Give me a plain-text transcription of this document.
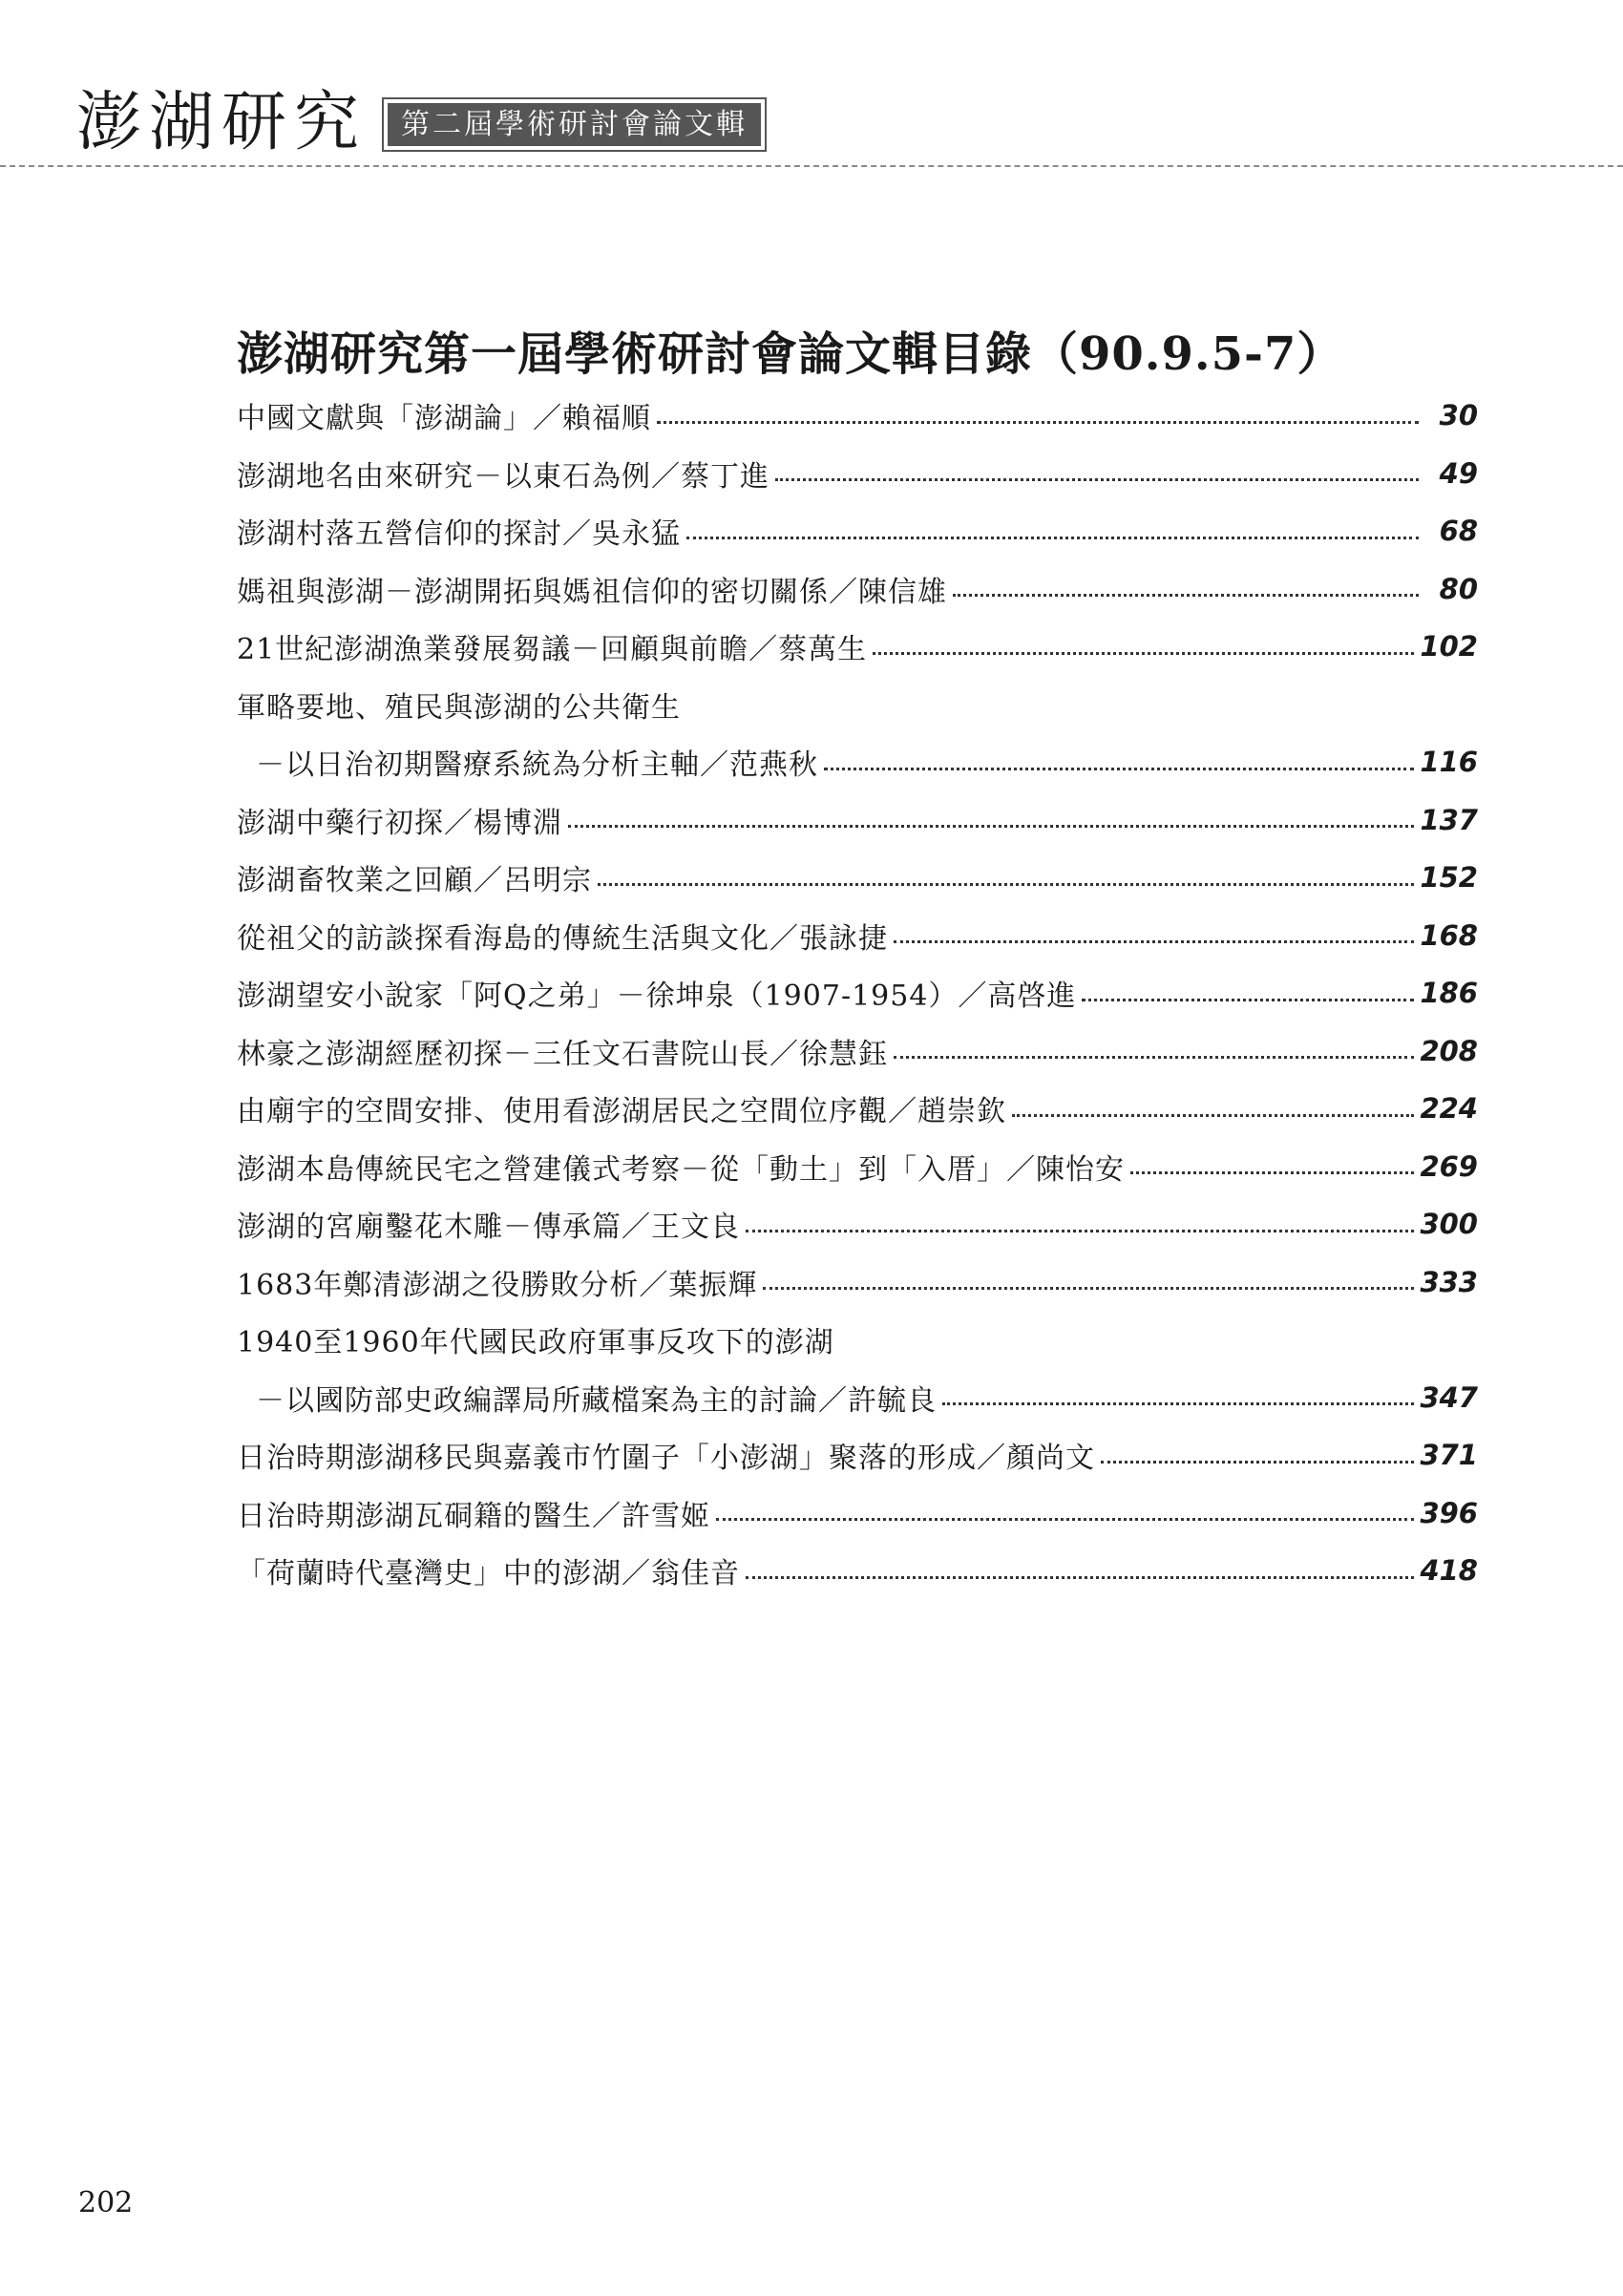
澎湖研究	第二屆學術研討會論文輯
澎湖研究第一屆學術研討會論文輯目錄（90.9.5-7）
中國文獻與「澎湖論」／賴福順	30
澎湖地名由來研究－以東石為例／蔡丁進	49
澎湖村落五營信仰的探討／吳永猛	68
媽祖與澎湖－澎湖開拓與媽祖信仰的密切關係／陳信雄	80
21世紀澎湖漁業發展芻議－回顧與前瞻／蔡萬生	102
軍略要地、殖民與澎湖的公共衛生
－以日治初期醫療系統為分析主軸／范燕秋	116
澎湖中藥行初探／楊博淵	137
澎湖畜牧業之回顧／呂明宗	152
從祖父的訪談探看海島的傳統生活與文化／張詠捷	168
澎湖望安小說家「阿Q之弟」－徐坤泉（1907-1954）／高啓進	186
林豪之澎湖經歷初探－三任文石書院山長／徐慧鈺	208
由廟宇的空間安排、使用看澎湖居民之空間位序觀／趙崇欽	224
澎湖本島傳統民宅之營建儀式考察－從「動土」到「入厝」／陳怡安	269
澎湖的宮廟鑿花木雕－傳承篇／王文良	300
1683年鄭清澎湖之役勝敗分析／葉振輝	333
1940至1960年代國民政府軍事反攻下的澎湖
－以國防部史政編譯局所藏檔案為主的討論／許毓良	347
日治時期澎湖移民與嘉義市竹圍子「小澎湖」聚落的形成／顏尚文	371
日治時期澎湖瓦硐籍的醫生／許雪姬	396
「荷蘭時代臺灣史」中的澎湖／翁佳音	418
202
